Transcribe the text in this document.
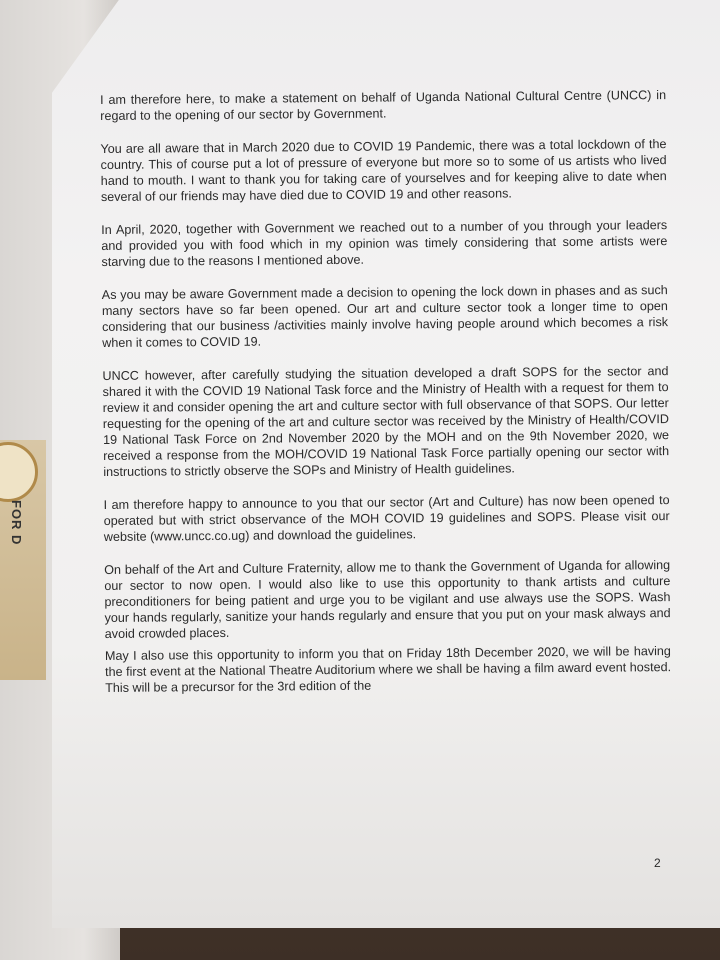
FOR D

I am therefore here, to make a statement on behalf of Uganda National Cultural Centre (UNCC) in regard to the opening of our sector by Government.

You are all aware that in March 2020 due to COVID 19 Pandemic, there was a total lockdown of the country. This of course put a lot of pressure of everyone but more so to some of us artists who lived hand to mouth. I want to thank you for taking care of yourselves and for keeping alive to date when several of our friends may have died due to COVID 19 and other reasons.

In April, 2020, together with Government we reached out to a number of you through your leaders and provided you with food which in my opinion was timely considering that some artists were starving due to the reasons I mentioned above.

As you may be aware Government made a decision to opening the lock down in phases and as such many sectors have so far been opened. Our art and culture sector took a longer time to open considering that our business /activities mainly involve having people around which becomes a risk when it comes to COVID 19.

UNCC however, after carefully studying the situation developed a draft SOPS for the sector and shared it with the COVID 19 National Task force and the Ministry of Health with a request for them to review it and consider opening the art and culture sector with full observance of that SOPS. Our letter requesting for the opening of the art and culture sector was received by the Ministry of Health/COVID 19 National Task Force on 2nd November 2020 by the MOH and on the 9th November 2020, we received a response from the MOH/COVID 19 National Task Force partially opening our sector with instructions to strictly observe the SOPs and Ministry of Health guidelines.

I am therefore happy to announce to you that our sector (Art and Culture) has now been opened to operated but with strict observance of the MOH COVID 19 guidelines and SOPS. Please visit our website (www.uncc.co.ug) and download the guidelines.

On behalf of the Art and Culture Fraternity, allow me to thank the Government of Uganda for allowing our sector to now open. I would also like to use this opportunity to thank artists and culture preconditioners for being patient and urge you to be vigilant and use always use the SOPS. Wash your hands regularly, sanitize your hands regularly and ensure that you put on your mask always and avoid crowded places.

May I also use this opportunity to inform you that on Friday 18th December 2020, we will be having the first event at the National Theatre Auditorium where we shall be having a film award event hosted. This will be a precursor for the 3rd edition of the

2
